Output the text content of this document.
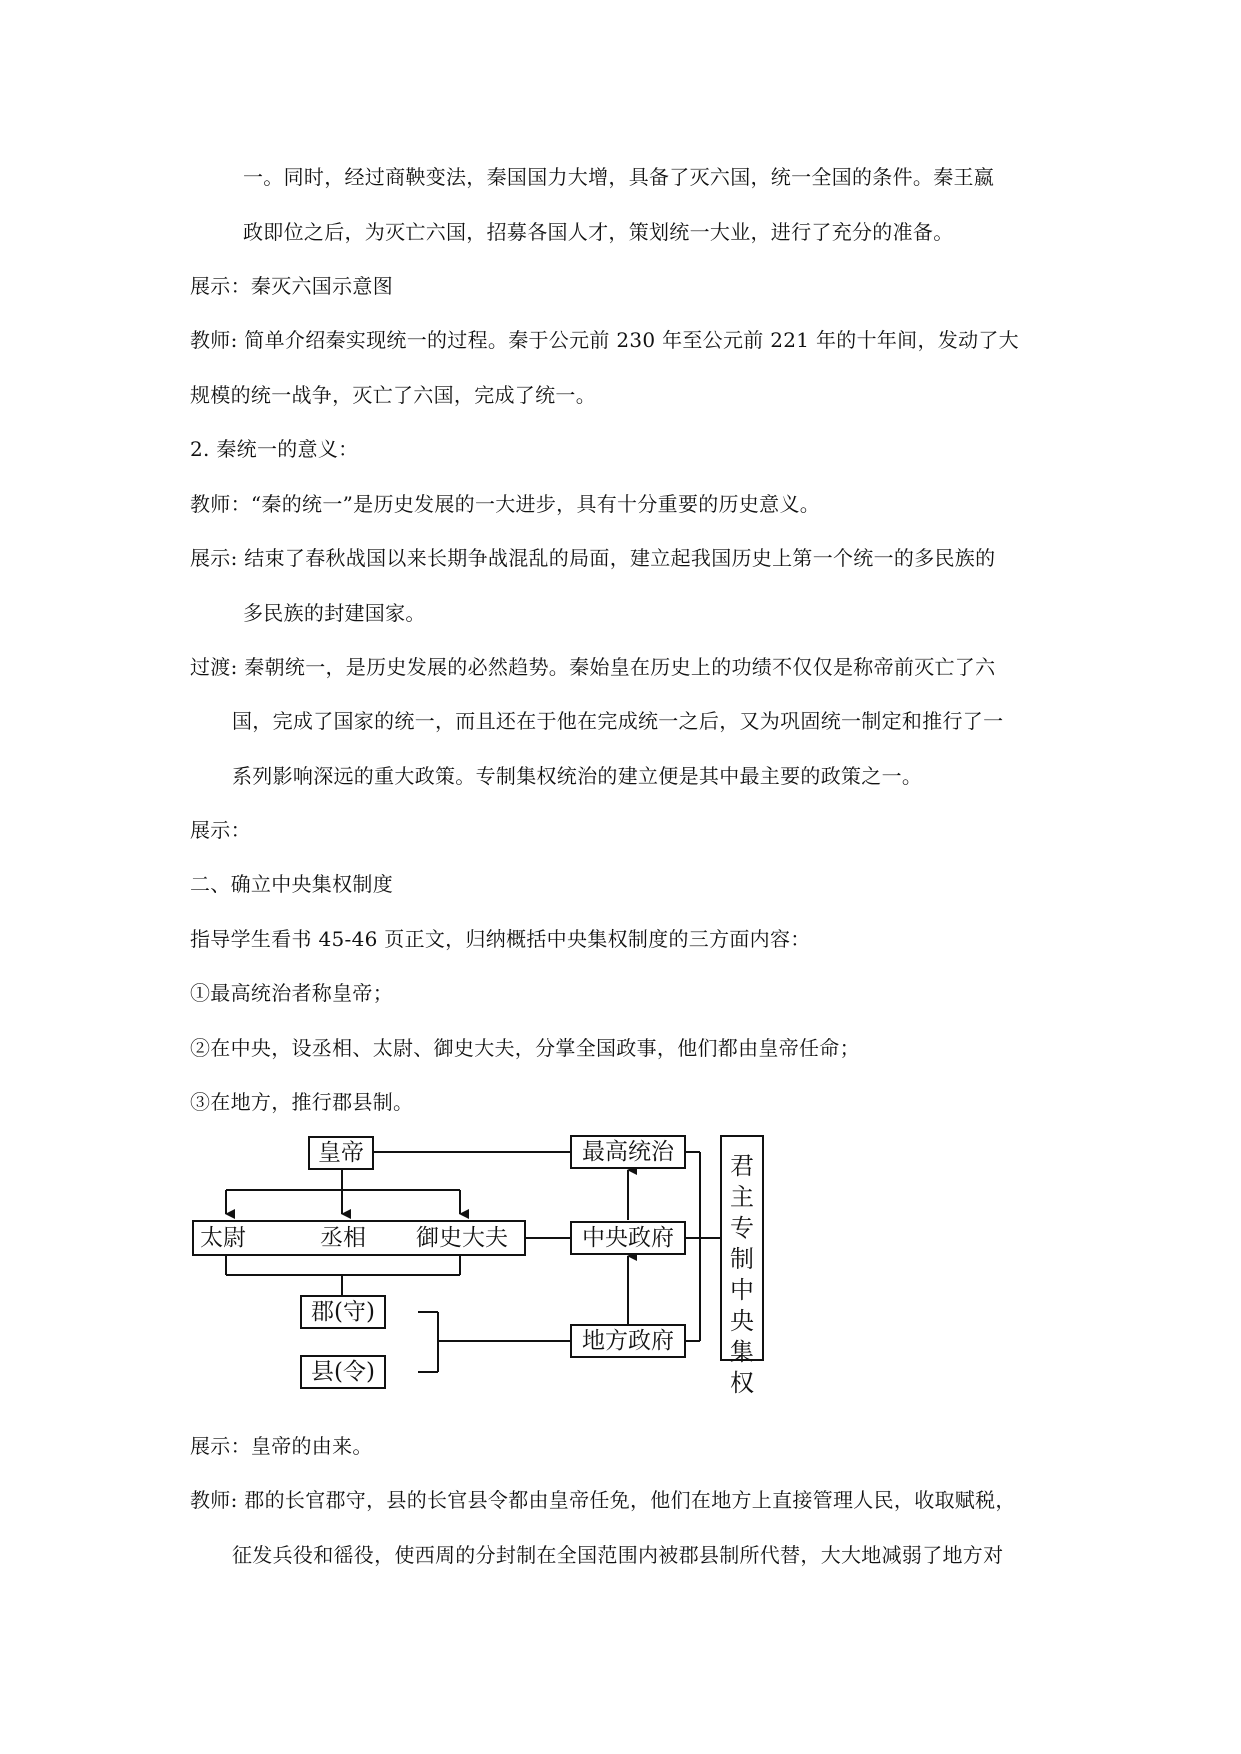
一。同时，经过商鞅变法，秦国国力大增，具备了灭六国，统一全国的条件。秦王嬴
政即位之后，为灭亡六国，招募各国人才，策划统一大业，进行了充分的准备。
展示：秦灭六国示意图
教师: 简单介绍秦实现统一的过程。秦于公元前 230 年至公元前 221 年的十年间，发动了大
规模的统一战争，灭亡了六国，完成了统一。
2. 秦统一的意义：
教师：“秦的统一”是历史发展的一大进步，具有十分重要的历史意义。
展示: 结束了春秋战国以来长期争战混乱的局面，建立起我国历史上第一个统一的多民族的
多民族的封建国家。
过渡: 秦朝统一，是历史发展的必然趋势。秦始皇在历史上的功绩不仅仅是称帝前灭亡了六
国，完成了国家的统一，而且还在于他在完成统一之后，又为巩固统一制定和推行了一
系列影响深远的重大政策。专制集权统治的建立便是其中最主要的政策之一。
展示：
二、确立中央集权制度
指导学生看书 45-46 页正文，归纳概括中央集权制度的三方面内容：
①最高统治者称皇帝；
②在中央，设丞相、太尉、御史大夫，分掌全国政事，他们都由皇帝任命；
③在地方，推行郡县制。
展示：皇帝的由来。
教师: 郡的长官郡守，县的长官县令都由皇帝任免，他们在地方上直接管理人民，收取赋税，
征发兵役和徭役，使西周的分封制在全国范围内被郡县制所代替，大大地减弱了地方对
皇帝
太尉	丞相 御史大夫
郡(守)
县(令)
最高统治
中央政府
地方政府
君
主
专
制
中
央
集
权
